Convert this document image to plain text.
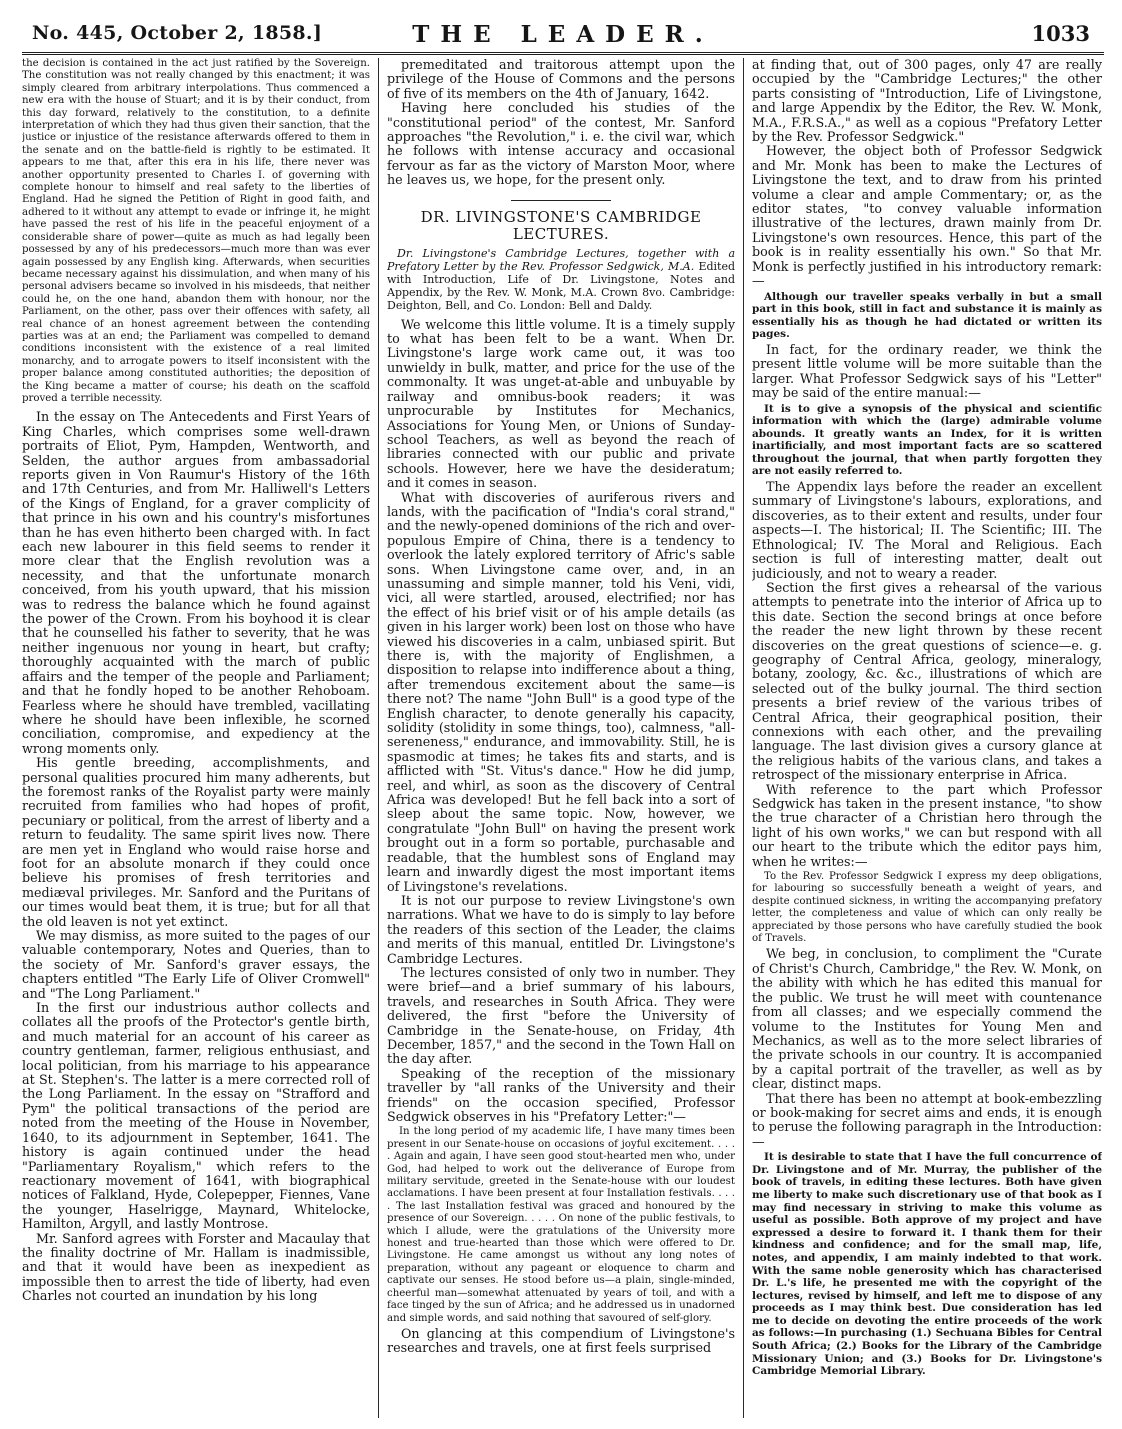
No. 445, October 2, 1858.]	THE LEADER.	1033

the decision is contained in the act just ratified by the Sovereign. The constitution was not really changed by this enactment; it was simply cleared from arbitrary interpolations. Thus commenced a new era with the house of Stuart; and it is by their conduct, from this day forward, relatively to the constitution, to a definite interpretation of which they had thus given their sanction, that the justice or injustice of the resistance afterwards offered to them in the senate and on the battle-field is rightly to be estimated. It appears to me that, after this era in his life, there never was another opportunity presented to Charles I. of governing with complete honour to himself and real safety to the liberties of England. Had he signed the Petition of Right in good faith, and adhered to it without any attempt to evade or infringe it, he might have passed the rest of his life in the peaceful enjoyment of a considerable share of power—quite as much as had legally been possessed by any of his predecessors—much more than was ever again possessed by any English king. Afterwards, when securities became necessary against his dissimulation, and when many of his personal advisers became so involved in his misdeeds, that neither could he, on the one hand, abandon them with honour, nor the Parliament, on the other, pass over their offences with safety, all real chance of an honest agreement between the contending parties was at an end; the Parliament was compelled to demand conditions inconsistent with the existence of a real limited monarchy, and to arrogate powers to itself inconsistent with the proper balance among constituted authorities; the deposition of the King became a matter of course; his death on the scaffold proved a terrible necessity.

In the essay on The Antecedents and First Years of King Charles, which comprises some well-drawn portraits of Eliot, Pym, Hampden, Wentworth, and Selden, the author argues from ambassadorial reports given in Von Raumur's History of the 16th and 17th Centuries, and from Mr. Halliwell's Letters of the Kings of England, for a graver complicity of that prince in his own and his country's misfortunes than he has even hitherto been charged with. In fact each new labourer in this field seems to render it more clear that the English revolution was a necessity, and that the unfortunate monarch conceived, from his youth upward, that his mission was to redress the balance which he found against the power of the Crown. From his boyhood it is clear that he counselled his father to severity, that he was neither ingenuous nor young in heart, but crafty; thoroughly acquainted with the march of public affairs and the temper of the people and Parliament; and that he fondly hoped to be another Rehoboam. Fearless where he should have trembled, vacillating where he should have been inflexible, he scorned conciliation, compromise, and expediency at the wrong moments only.

His gentle breeding, accomplishments, and personal qualities procured him many adherents, but the foremost ranks of the Royalist party were mainly recruited from families who had hopes of profit, pecuniary or political, from the arrest of liberty and a return to feudality. The same spirit lives now. There are men yet in England who would raise horse and foot for an absolute monarch if they could once believe his promises of fresh territories and mediæval privileges. Mr. Sanford and the Puritans of our times would beat them, it is true; but for all that the old leaven is not yet extinct.

We may dismiss, as more suited to the pages of our valuable contemporary, Notes and Queries, than to the society of Mr. Sanford's graver essays, the chapters entitled "The Early Life of Oliver Cromwell" and "The Long Parliament."

In the first our industrious author collects and collates all the proofs of the Protector's gentle birth, and much material for an account of his career as country gentleman, farmer, religious enthusiast, and local politician, from his marriage to his appearance at St. Stephen's. The latter is a mere corrected roll of the Long Parliament. In the essay on "Strafford and Pym" the political transactions of the period are noted from the meeting of the House in November, 1640, to its adjournment in September, 1641. The history is again continued under the head "Parliamentary Royalism," which refers to the reactionary movement of 1641, with biographical notices of Falkland, Hyde, Colepepper, Fiennes, Vane the younger, Haselrigge, Maynard, Whitelocke, Hamilton, Argyll, and lastly Montrose.

Mr. Sanford agrees with Forster and Macaulay that the finality doctrine of Mr. Hallam is inadmissible, and that it would have been as inexpedient as impossible then to arrest the tide of liberty, had even Charles not courted an inundation by his long

premeditated and traitorous attempt upon the privilege of the House of Commons and the persons of five of its members on the 4th of January, 1642.

Having here concluded his studies of the "constitutional period" of the contest, Mr. Sanford approaches "the Revolution," i. e. the civil war, which he follows with intense accuracy and occasional fervour as far as the victory of Marston Moor, where he leaves us, we hope, for the present only.

DR. LIVINGSTONE'S CAMBRIDGE LECTURES.

Dr. Livingstone's Cambridge Lectures, together with a Prefatory Letter by the Rev. Professor Sedgwick, M.A. Edited with Introduction, Life of Dr. Livingstone, Notes and Appendix, by the Rev. W. Monk, M.A. Crown 8vo. Cambridge: Deighton, Bell, and Co. London: Bell and Daldy.

We welcome this little volume. It is a timely supply to what has been felt to be a want. When Dr. Livingstone's large work came out, it was too unwieldy in bulk, matter, and price for the use of the commonalty. It was unget-at-able and unbuyable by railway and omnibus-book readers; it was unprocurable by Institutes for Mechanics, Associations for Young Men, or Unions of Sunday-school Teachers, as well as beyond the reach of libraries connected with our public and private schools. However, here we have the desideratum; and it comes in season.

What with discoveries of auriferous rivers and lands, with the pacification of "India's coral strand," and the newly-opened dominions of the rich and over-populous Empire of China, there is a tendency to overlook the lately explored territory of Afric's sable sons. When Livingstone came over, and, in an unassuming and simple manner, told his Veni, vidi, vici, all were startled, aroused, electrified; nor has the effect of his brief visit or of his ample details (as given in his larger work) been lost on those who have viewed his discoveries in a calm, unbiased spirit. But there is, with the majority of Englishmen, a disposition to relapse into indifference about a thing, after tremendous excitement about the same—is there not? The name "John Bull" is a good type of the English character, to denote generally his capacity, solidity (stolidity in some things, too), calmness, "all-sereneness," endurance, and immovability. Still, he is spasmodic at times; he takes fits and starts, and is afflicted with "St. Vitus's dance." How he did jump, reel, and whirl, as soon as the discovery of Central Africa was developed! But he fell back into a sort of sleep about the same topic. Now, however, we congratulate "John Bull" on having the present work brought out in a form so portable, purchasable and readable, that the humblest sons of England may learn and inwardly digest the most important items of Livingstone's revelations.

It is not our purpose to review Livingstone's own narrations. What we have to do is simply to lay before the readers of this section of the Leader, the claims and merits of this manual, entitled Dr. Livingstone's Cambridge Lectures.

The lectures consisted of only two in number. They were brief—and a brief summary of his labours, travels, and researches in South Africa. They were delivered, the first "before the University of Cambridge in the Senate-house, on Friday, 4th December, 1857," and the second in the Town Hall on the day after.

Speaking of the reception of the missionary traveller by "all ranks of the University and their friends" on the occasion specified, Professor Sedgwick observes in his "Prefatory Letter:"—

In the long period of my academic life, I have many times been present in our Senate-house on occasions of joyful excitement. . . . . Again and again, I have seen good stout-hearted men who, under God, had helped to work out the deliverance of Europe from military servitude, greeted in the Senate-house with our loudest acclamations. I have been present at four Installation festivals. . . . . The last Installation festival was graced and honoured by the presence of our Sovereign. . . . . On none of the public festivals, to which I allude, were the gratulations of the University more honest and true-hearted than those which were offered to Dr. Livingstone. He came amongst us without any long notes of preparation, without any pageant or eloquence to charm and captivate our senses. He stood before us—a plain, single-minded, cheerful man—somewhat attenuated by years of toil, and with a face tinged by the sun of Africa; and he addressed us in unadorned and simple words, and said nothing that savoured of self-glory.

On glancing at this compendium of Livingstone's researches and travels, one at first feels surprised

at finding that, out of 300 pages, only 47 are really occupied by the "Cambridge Lectures;" the other parts consisting of "Introduction, Life of Livingstone, and large Appendix by the Editor, the Rev. W. Monk, M.A., F.R.S.A.," as well as a copious "Prefatory Letter by the Rev. Professor Sedgwick."

However, the object both of Professor Sedgwick and Mr. Monk has been to make the Lectures of Livingstone the text, and to draw from his printed volume a clear and ample Commentary; or, as the editor states, "to convey valuable information illustrative of the lectures, drawn mainly from Dr. Livingstone's own resources. Hence, this part of the book is in reality essentially his own." So that Mr. Monk is perfectly justified in his introductory remark:—

Although our traveller speaks verbally in but a small part in this book, still in fact and substance it is mainly as essentially his as though he had dictated or written its pages.

In fact, for the ordinary reader, we think the present little volume will be more suitable than the larger. What Professor Sedgwick says of his "Letter" may be said of the entire manual:—

It is to give a synopsis of the physical and scientific information with which the (large) admirable volume abounds. It greatly wants an Index, for it is written inartificially, and most important facts are so scattered throughout the journal, that when partly forgotten they are not easily referred to.

The Appendix lays before the reader an excellent summary of Livingstone's labours, explorations, and discoveries, as to their extent and results, under four aspects—I. The historical; II. The Scientific; III. The Ethnological; IV. The Moral and Religious. Each section is full of interesting matter, dealt out judiciously, and not to weary a reader.

Section the first gives a rehearsal of the various attempts to penetrate into the interior of Africa up to this date. Section the second brings at once before the reader the new light thrown by these recent discoveries on the great questions of science—e. g. geography of Central Africa, geology, mineralogy, botany, zoology, &c. &c., illustrations of which are selected out of the bulky journal. The third section presents a brief review of the various tribes of Central Africa, their geographical position, their connexions with each other, and the prevailing language. The last division gives a cursory glance at the religious habits of the various clans, and takes a retrospect of the missionary enterprise in Africa.

With reference to the part which Professor Sedgwick has taken in the present instance, "to show the true character of a Christian hero through the light of his own works," we can but respond with all our heart to the tribute which the editor pays him, when he writes:—

To the Rev. Professor Sedgwick I express my deep obligations, for labouring so successfully beneath a weight of years, and despite continued sickness, in writing the accompanying prefatory letter, the completeness and value of which can only really be appreciated by those persons who have carefully studied the book of Travels.

We beg, in conclusion, to compliment the "Curate of Christ's Church, Cambridge," the Rev. W. Monk, on the ability with which he has edited this manual for the public. We trust he will meet with countenance from all classes; and we especially commend the volume to the Institutes for Young Men and Mechanics, as well as to the more select libraries of the private schools in our country. It is accompanied by a capital portrait of the traveller, as well as by clear, distinct maps.

That there has been no attempt at book-embezzling or book-making for secret aims and ends, it is enough to peruse the following paragraph in the Introduction:—

It is desirable to state that I have the full concurrence of Dr. Livingstone and of Mr. Murray, the publisher of the book of travels, in editing these lectures. Both have given me liberty to make such discretionary use of that book as I may find necessary in striving to make this volume as useful as possible. Both approve of my project and have expressed a desire to forward it. I thank them for their kindness and confidence; and for the small map, life, notes, and appendix, I am mainly indebted to that work. With the same noble generosity which has characterised Dr. L.'s life, he presented me with the copyright of the lectures, revised by himself, and left me to dispose of any proceeds as I may think best. Due consideration has led me to decide on devoting the entire proceeds of the work as follows:—In purchasing (1.) Sechuana Bibles for Central South Africa; (2.) Books for the Library of the Cambridge Missionary Union; and (3.) Books for Dr. Livingstone's Cambridge Memorial Library.
